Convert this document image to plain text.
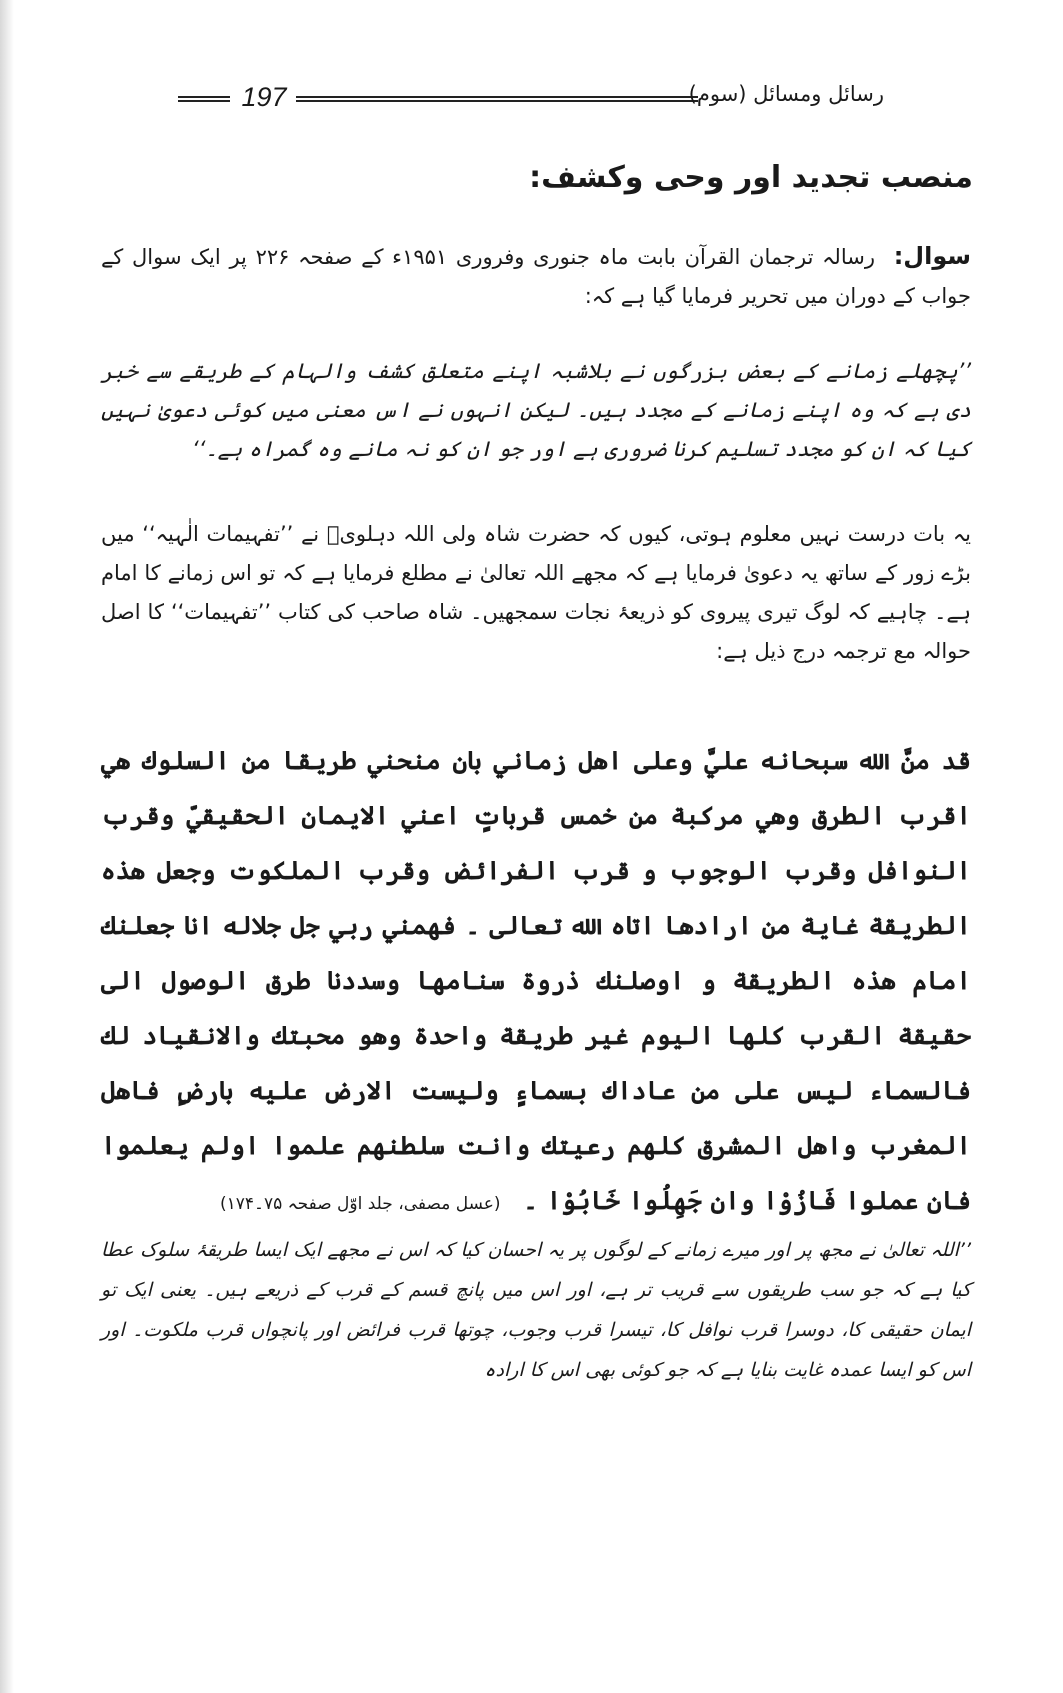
197	رسائل ومسائل (سوم)
منصب تجدید اور وحی وکشف:
سوال: رسالہ ترجمان القرآن بابت ماہ جنوری وفروری ۱۹۵۱ء کے صفحہ ۲۲۶ پر ایک سوال کے جواب کے دوران میں تحریر فرمایا گیا ہے کہ:
’’پچھلے زمانے کے بعض بزرگوں نے بلاشبہ اپنے متعلق کشف والہام کے طریقے سے خبر دی ہے کہ وہ اپنے زمانے کے مجدد ہیں۔ لیکن انہوں نے اس معنی میں کوئی دعویٰ نہیں کیا کہ ان کو مجدد تسلیم کرنا ضروری ہے اور جو ان کو نہ مانے وہ گمراہ ہے۔‘‘
یہ بات درست نہیں معلوم ہوتی، کیوں کہ حضرت شاہ ولی اللہ دہلویؒ نے ’’تفہیمات الٰہیہ‘‘ میں بڑے زور کے ساتھ یہ دعویٰ فرمایا ہے کہ مجھے اللہ تعالیٰ نے مطلع فرمایا ہے کہ تو اس زمانے کا امام ہے۔ چاہیے کہ لوگ تیری پیروی کو ذریعۂ نجات سمجھیں۔ شاہ صاحب کی کتاب ’’تفہیمات‘‘ کا اصل حوالہ مع ترجمہ درج ذیل ہے:
قد منَّ الله سبحانه عليَّ وعلى اهل زماني بان منحني طريقا من السلوك هي اقرب الطرق وهي مركبة من خمس قرباتٍ اعني الايمان الحقيقيّ وقرب النوافل وقرب الوجوب و قرب الفرائض وقرب الملكوت وجعل هذه الطريقة غاية من ارادها اتاه الله تعالى ۔ فهمني ربي جل جلاله انا جعلنك امام هذه الطريقة و اوصلنك ذروة سنامها وسددنا طرق الوصول الى حقيقة القرب كلها اليوم غير طريقة واحدة وهو محبتك والانقياد لك فالسماء ليس على من عاداك بسماءٍ وليست الارض عليه بارضٍ فاهل المغرب واهل المشرق كلهم رعيتك وانت سلطنهم علموا اولم يعلموا فان عملوا فَازُوْا وان جَهِلُوا خَابُوْا ۔ (عسل مصفی، جلد اوّل صفحہ ۷۵۔۱۷۴)
’’اللہ تعالیٰ نے مجھ پر اور میرے زمانے کے لوگوں پر یہ احسان کیا کہ اس نے مجھے ایک ایسا طریقۂ سلوک عطا کیا ہے کہ جو سب طریقوں سے قریب تر ہے، اور اس میں پانچ قسم کے قرب کے ذریعے ہیں۔ یعنی ایک تو ایمان حقیقی کا، دوسرا قرب نوافل کا، تیسرا قرب وجوب، چوتھا قرب فرائض اور پانچواں قرب ملکوت۔ اور اس کو ایسا عمدہ غایت بنایا ہے کہ جو کوئی بھی اس کا ارادہ
